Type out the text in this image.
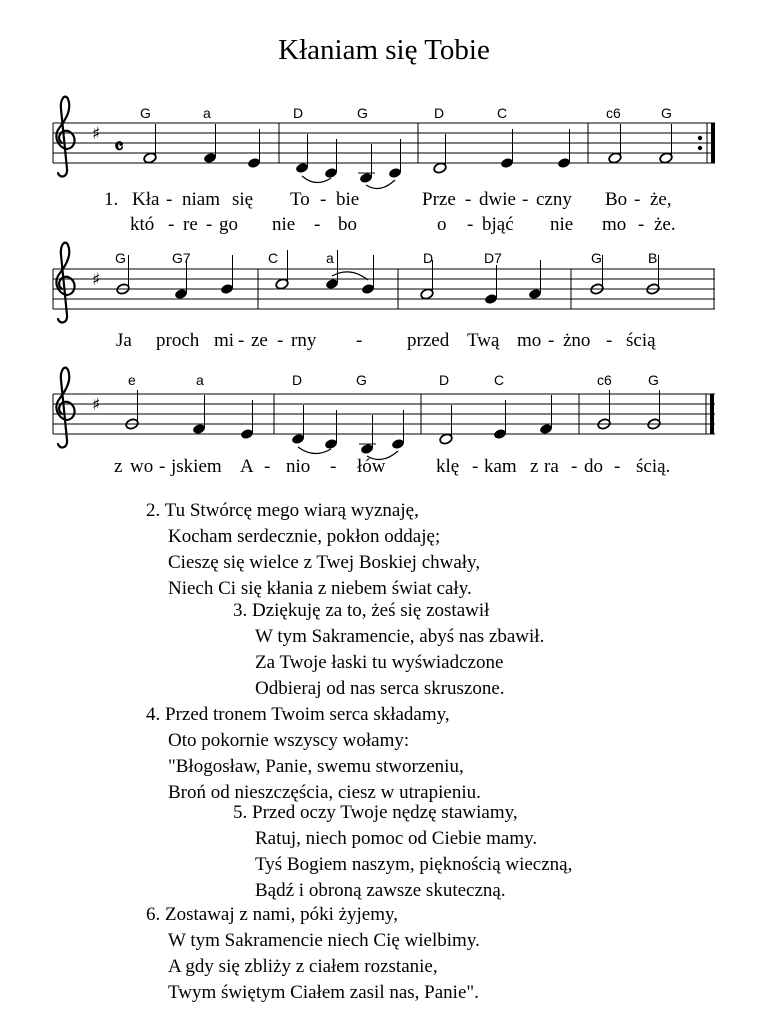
Kłaniam się Tobie
♯ 𝄴
G	a	D	G	D	C	c6	G
1. Kła - niam się To - bie	Prze - dwie - czny Bo - że,
któ - re - go nie - bo	o - bjąć nie mo - że.
♯
G	G7	C	a	D	D7	G	B
Ja proch mi - ze - rny - przed Twą mo - żno - ścią
♯
e	a	D	G	D	C	c6	G
z wo - jskiem A - nio - łów	klę - kam z ra - do - ścią.
2. Tu Stwórcę mego wiarą wyznaję,
Kocham serdecznie, pokłon oddaję;
Cieszę się wielce z Twej Boskiej chwały,
Niech Ci się kłania z niebem świat cały.
3. Dziękuję za to, żeś się zostawił
W tym Sakramencie, abyś nas zbawił.
Za Twoje łaski tu wyświadczone
Odbieraj od nas serca skruszone.
4. Przed tronem Twoim serca składamy,
Oto pokornie wszyscy wołamy:
"Błogosław, Panie, swemu stworzeniu,
Broń od nieszczęścia, ciesz w utrapieniu.
5. Przed oczy Twoje nędzę stawiamy,
Ratuj, niech pomoc od Ciebie mamy.
Tyś Bogiem naszym, pięknością wieczną,
Bądź i obroną zawsze skuteczną.
6. Zostawaj z nami, póki żyjemy,
W tym Sakramencie niech Cię wielbimy.
A gdy się zbliży z ciałem rozstanie,
Twym świętym Ciałem zasil nas, Panie".
